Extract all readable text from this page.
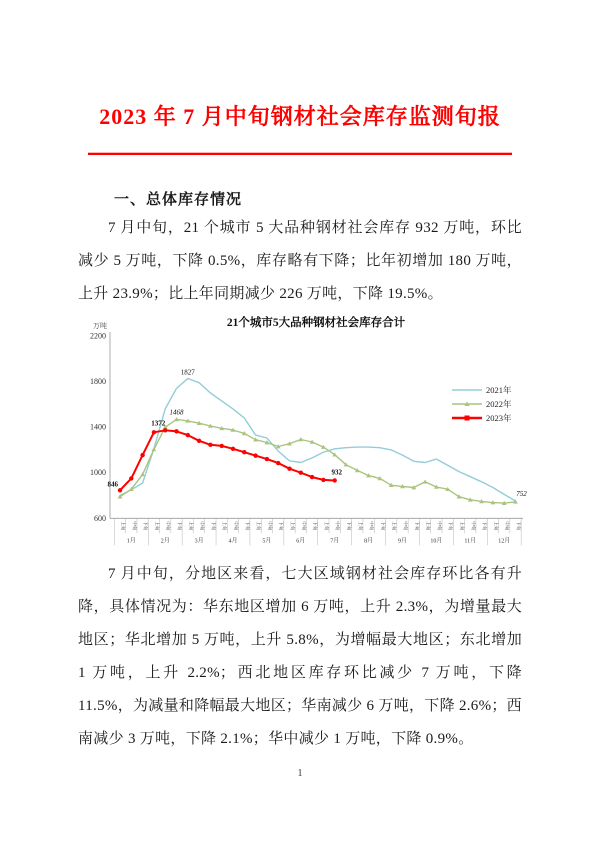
2023 年 7 月中旬钢材社会库存监测旬报
一、总体库存情况
7 月中旬，21 个城市 5 大品种钢材社会库存 932 万吨，环比减少 5 万吨，下降 0.5%，库存略有下降；比年初增加 180 万吨，上升 23.9%；比上年同期减少 226 万吨，下降 19.5%。
21个城市5大品种钢材社会库存合计
万吨
600
1000
1400
1800
2200
上旬 中旬 下旬 上旬 中旬 下旬 上旬 中旬 下旬 上旬 中旬 下旬 上旬 中旬 下旬 上旬 中旬 下旬 上旬 中旬 下旬 上旬 中旬 下旬 上旬 中旬 下旬 上旬 中旬 下旬 上旬 中旬 下旬 上旬 中旬 下旬
1月	2月	3月	4月	5月	6月	7月	8月	9月	10月	11月	12月
846
1372
1468
1827
932
752
2021年
2022年
2023年
7 月中旬，分地区来看，七大区域钢材社会库存环比各有升降，具体情况为：华东地区增加 6 万吨，上升 2.3%，为增量最大地区；华北增加 5 万吨，上升 5.8%，为增幅最大地区；东北增加 1 万吨，上升 2.2%；西北地区库存环比减少 7 万吨，下降 11.5%，为减量和降幅最大地区；华南减少 6 万吨，下降 2.6%；西南减少 3 万吨，下降 2.1%；华中减少 1 万吨，下降 0.9%。
1
